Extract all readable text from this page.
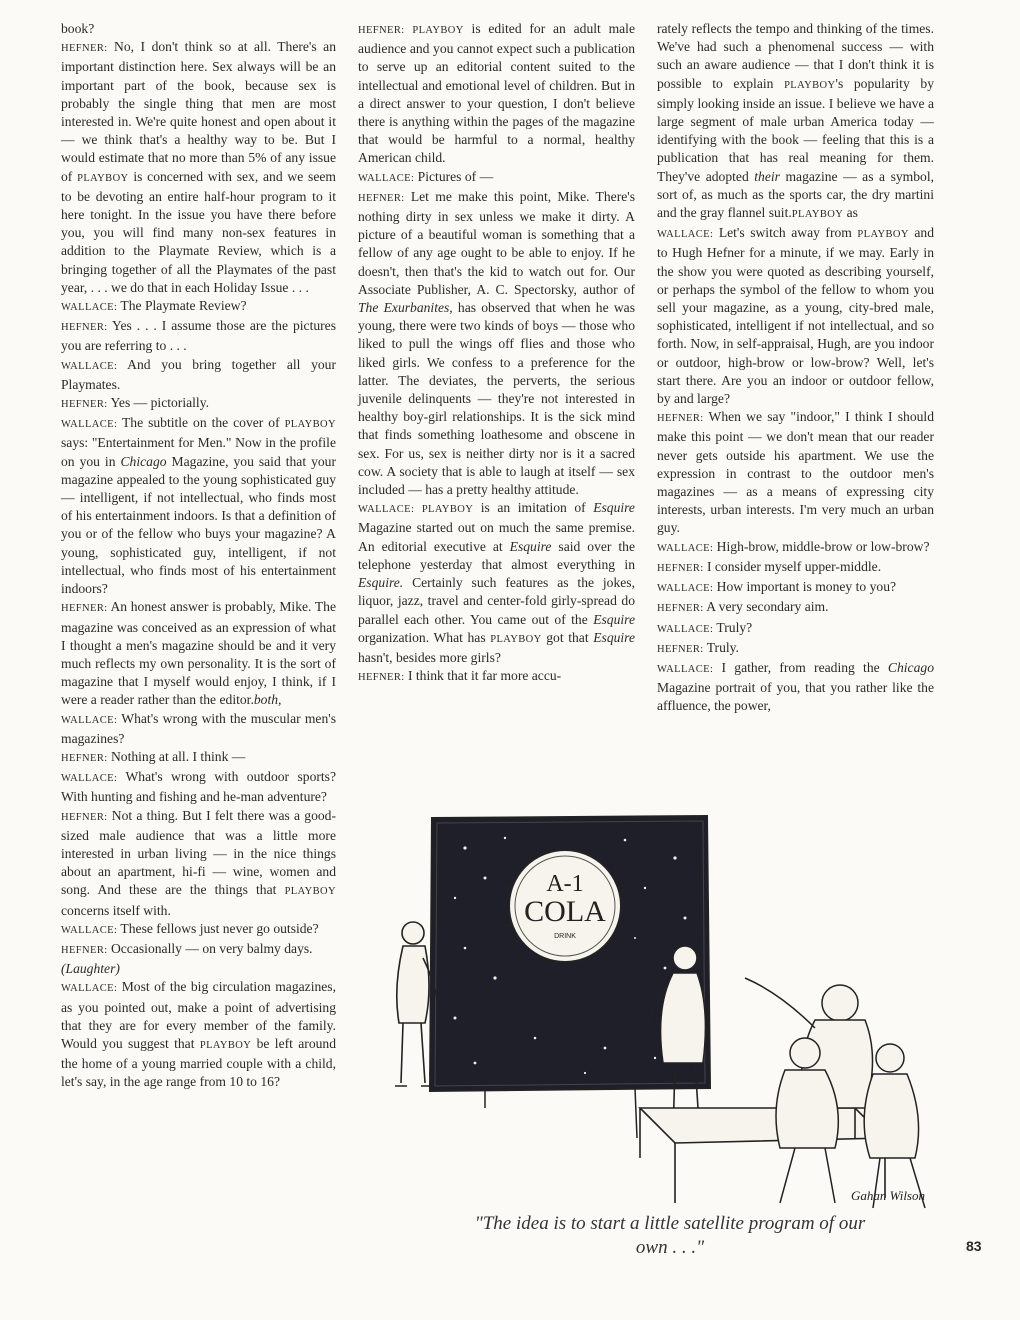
book?

HEFNER: No, I don't think so at all. There's an important distinction here. Sex always will be an important part of the book, because sex is probably the single thing that men are most interested in. We're quite honest and open about it — we think that's a healthy way to be. But I would estimate that no more than 5% of any issue of PLAYBOY is concerned with sex, and we seem to be devoting an entire half-hour program to it here tonight. In the issue you have there before you, you will find many non-sex features in addition to the Playmate Review, which is a bringing together of all the Playmates of the past year, . . . we do that in each Holiday Issue . . .

WALLACE: The Playmate Review?

HEFNER: Yes . . . I assume those are the pictures you are referring to . . .

WALLACE: And you bring together all your Playmates.

HEFNER: Yes — pictorially.

WALLACE: The subtitle on the cover of PLAYBOY says: "Entertainment for Men." Now in the profile on you in Chicago Magazine, you said that your magazine appealed to the young sophisticated guy — intelligent, if not intellectual, who finds most of his entertainment indoors. Is that a definition of you or of the fellow who buys your magazine? A young, sophisticated guy, intelligent, if not intellectual, who finds most of his entertainment indoors?

HEFNER: An honest answer is probably, Mike. The magazine was conceived as an expression of what I thought a men's magazine should be and it very much reflects my own personality. It is the sort of magazine that I myself would enjoy, I think, if I were a reader rather than the editor.both,

WALLACE: What's wrong with the muscular men's magazines?

HEFNER: Nothing at all. I think —

WALLACE: What's wrong with outdoor sports? With hunting and fishing and he-man adventure?

HEFNER: Not a thing. But I felt there was a good-sized male audience that was a little more interested in urban living — in the nice things about an apartment, hi-fi — wine, women and song. And these are the things that PLAYBOY concerns itself with.

WALLACE: These fellows just never go outside?

HEFNER: Occasionally — on very balmy days.

(Laughter)

WALLACE: Most of the big circulation magazines, as you pointed out, make a point of advertising that they are for every member of the family. Would you suggest that PLAYBOY be left around the home of a young married couple with a child, let's say, in the age range from 10 to 16?

HEFNER: PLAYBOY is edited for an adult male audience and you cannot expect such a publication to serve up an editorial content suited to the intellectual and emotional level of children. But in a direct answer to your question, I don't believe there is anything within the pages of the magazine that would be harmful to a normal, healthy American child.

WALLACE: Pictures of —

HEFNER: Let me make this point, Mike. There's nothing dirty in sex unless we make it dirty. A picture of a beautiful woman is something that a fellow of any age ought to be able to enjoy. If he doesn't, then that's the kid to watch out for. Our Associate Publisher, A. C. Spectorsky, author of The Exurbanites, has observed that when he was young, there were two kinds of boys — those who liked to pull the wings off flies and those who liked girls. We confess to a preference for the latter. The deviates, the perverts, the serious juvenile delinquents — they're not interested in healthy boy-girl relationships. It is the sick mind that finds something loathesome and obscene in sex. For us, sex is neither dirty nor is it a sacred cow. A society that is able to laugh at itself — sex included — has a pretty healthy attitude.

WALLACE: PLAYBOY is an imitation of Esquire Magazine started out on much the same premise. An editorial executive at Esquire said over the telephone yesterday that almost everything in Esquire. Certainly such features as the jokes, liquor, jazz, travel and center-fold girly-spread do parallel each other. You came out of the Esquire organization. What has PLAYBOY got that Esquire hasn't, besides more girls?

HEFNER: I think that it far more accu-

rately reflects the tempo and thinking of the times. We've had such a phenomenal success — with such an aware audience — that I don't think it is possible to explain PLAYBOY's popularity by simply looking inside an issue. I believe we have a large segment of male urban America today — identifying with the book — feeling that this is a publication that has real meaning for them. They've adopted their magazine — as a symbol, sort of, as much as the sports car, the dry martini and the gray flannel suit.PLAYBOY as

WALLACE: Let's switch away from PLAYBOY and to Hugh Hefner for a minute, if we may. Early in the show you were quoted as describing yourself, or perhaps the symbol of the fellow to whom you sell your magazine, as a young, city-bred male, sophisticated, intelligent if not intellectual, and so forth. Now, in self-appraisal, Hugh, are you indoor or outdoor, high-brow or low-brow? Well, let's start there. Are you an indoor or outdoor fellow, by and large?

HEFNER: When we say "indoor," I think I should make this point — we don't mean that our reader never gets outside his apartment. We use the expression in contrast to the outdoor men's magazines — as a means of expressing city interests, urban interests. I'm very much an urban guy.

WALLACE: High-brow, middle-brow or low-brow?

HEFNER: I consider myself upper-middle.

WALLACE: How important is money to you?

HEFNER: A very secondary aim.

WALLACE: Truly?

HEFNER: Truly.

WALLACE: I gather, from reading the Chicago Magazine portrait of you, that you rather like the affluence, the power,

A-1
COLA
DRINK
Gahan Wilson
"The idea is to start a little satellite program of our own . . ."	83
